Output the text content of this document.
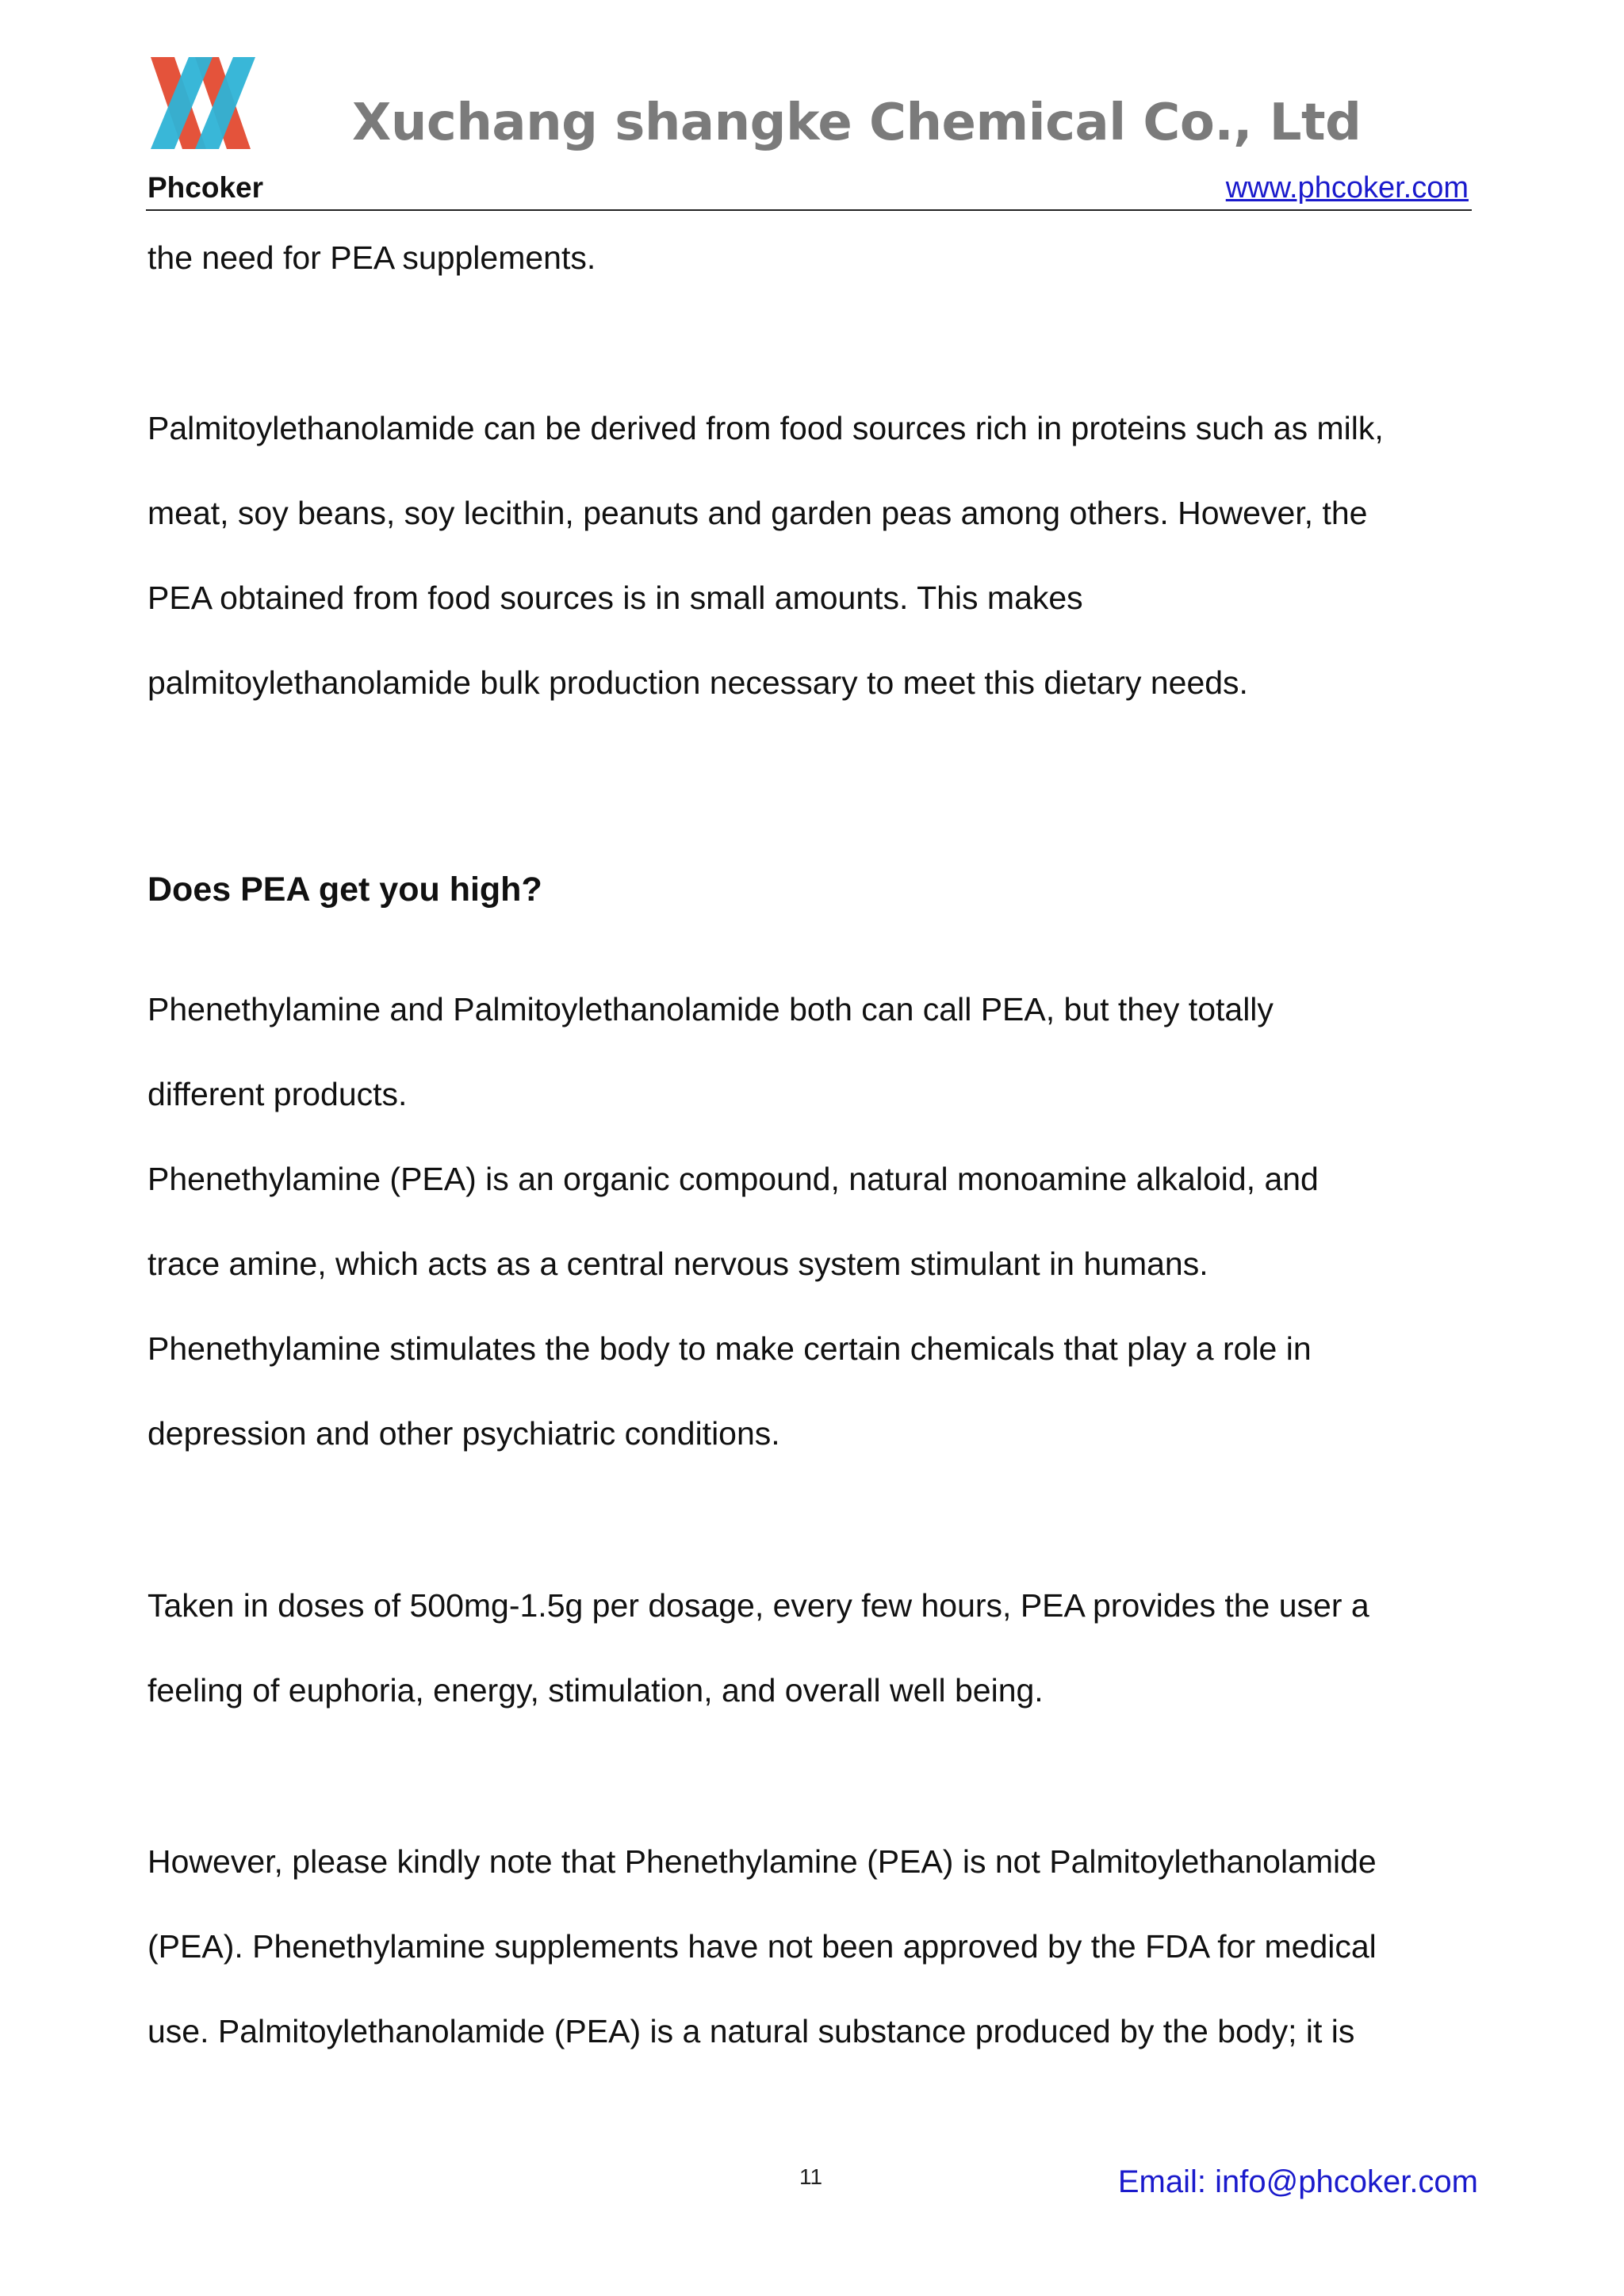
Xuchang shangke Chemical Co., Ltd
Phcoker	www.phcoker.com
the need for PEA supplements.
Palmitoylethanolamide can be derived from food sources rich in proteins such as milk,
meat, soy beans, soy lecithin, peanuts and garden peas among others. However, the
PEA obtained from food sources is in small amounts. This makes
palmitoylethanolamide bulk production necessary to meet this dietary needs.
Does PEA get you high?
Phenethylamine and Palmitoylethanolamide both can call PEA, but they totally
different products.
Phenethylamine (PEA) is an organic compound, natural monoamine alkaloid, and
trace amine, which acts as a central nervous system stimulant in humans.
Phenethylamine stimulates the body to make certain chemicals that play a role in
depression and other psychiatric conditions.
Taken in doses of 500mg-1.5g per dosage, every few hours, PEA provides the user a
feeling of euphoria, energy, stimulation, and overall well being.
However, please kindly note that Phenethylamine (PEA) is not Palmitoylethanolamide
(PEA). Phenethylamine supplements have not been approved by the FDA for medical
use. Palmitoylethanolamide (PEA) is a natural substance produced by the body; it is
11	Email: info@phcoker.com
